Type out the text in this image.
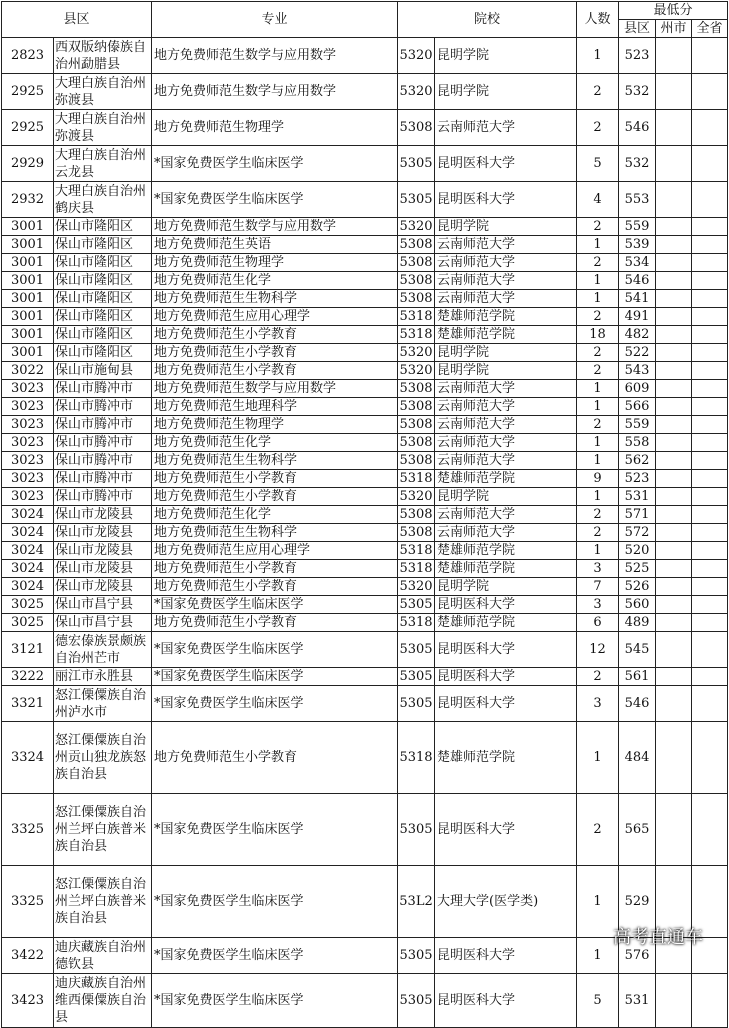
县区		专业	院校		人数	最低分		
						县区	州市	全省
2823	西双版纳傣族自治州勐腊县	地方免费师范生数学与应用数学	5320	昆明学院	1	523		
2925	大理白族自治州弥渡县	地方免费师范生数学与应用数学	5320	昆明学院	2	532		
2925	大理白族自治州弥渡县	地方免费师范生物理学	5308	云南师范大学	2	546		
2929	大理白族自治州云龙县	*国家免费医学生临床医学	5305	昆明医科大学	5	532		
2932	大理白族自治州鹤庆县	*国家免费医学生临床医学	5305	昆明医科大学	4	553		
3001	保山市隆阳区	地方免费师范生数学与应用数学	5320	昆明学院	2	559		
3001	保山市隆阳区	地方免费师范生英语	5308	云南师范大学	1	539		
3001	保山市隆阳区	地方免费师范生物理学	5308	云南师范大学	2	534		
3001	保山市隆阳区	地方免费师范生化学	5308	云南师范大学	1	546		
3001	保山市隆阳区	地方免费师范生生物科学	5308	云南师范大学	1	541		
3001	保山市隆阳区	地方免费师范生应用心理学	5318	楚雄师范学院	2	491		
3001	保山市隆阳区	地方免费师范生小学教育	5318	楚雄师范学院	18	482		
3001	保山市隆阳区	地方免费师范生小学教育	5320	昆明学院	2	522		
3022	保山市施甸县	地方免费师范生小学教育	5320	昆明学院	2	543		
3023	保山市腾冲市	地方免费师范生数学与应用数学	5308	云南师范大学	1	609		
3023	保山市腾冲市	地方免费师范生地理科学	5308	云南师范大学	1	566		
3023	保山市腾冲市	地方免费师范生物理学	5308	云南师范大学	2	559		
3023	保山市腾冲市	地方免费师范生化学	5308	云南师范大学	1	558		
3023	保山市腾冲市	地方免费师范生生物科学	5308	云南师范大学	1	562		
3023	保山市腾冲市	地方免费师范生小学教育	5318	楚雄师范学院	9	523		
3023	保山市腾冲市	地方免费师范生小学教育	5320	昆明学院	1	531		
3024	保山市龙陵县	地方免费师范生化学	5308	云南师范大学	2	571		
3024	保山市龙陵县	地方免费师范生生物科学	5308	云南师范大学	2	572		
3024	保山市龙陵县	地方免费师范生应用心理学	5318	楚雄师范学院	1	520		
3024	保山市龙陵县	地方免费师范生小学教育	5318	楚雄师范学院	3	525		
3024	保山市龙陵县	地方免费师范生小学教育	5320	昆明学院	7	526		
3025	保山市昌宁县	*国家免费医学生临床医学	5305	昆明医科大学	3	560		
3025	保山市昌宁县	地方免费师范生小学教育	5318	楚雄师范学院	6	489		
3121	德宏傣族景颇族自治州芒市	*国家免费医学生临床医学	5305	昆明医科大学	12	545		
3222	丽江市永胜县	*国家免费医学生临床医学	5305	昆明医科大学	2	561		
3321	怒江傈僳族自治州泸水市	*国家免费医学生临床医学	5305	昆明医科大学	3	546		
3324	怒江傈僳族自治州贡山独龙族怒族自治县	地方免费师范生小学教育	5318	楚雄师范学院	1	484		
3325	怒江傈僳族自治州兰坪白族普米族自治县	*国家免费医学生临床医学	5305	昆明医科大学	2	565		
3325	怒江傈僳族自治州兰坪白族普米族自治县	*国家免费医学生临床医学	53L2	大理大学(医学类)	1	529		
3422	迪庆藏族自治州德钦县	*国家免费医学生临床医学	5305	昆明医科大学	1	576		
3423	迪庆藏族自治州维西傈僳族自治县	*国家免费医学生临床医学	5305	昆明医科大学	5	531		
高考直通车
